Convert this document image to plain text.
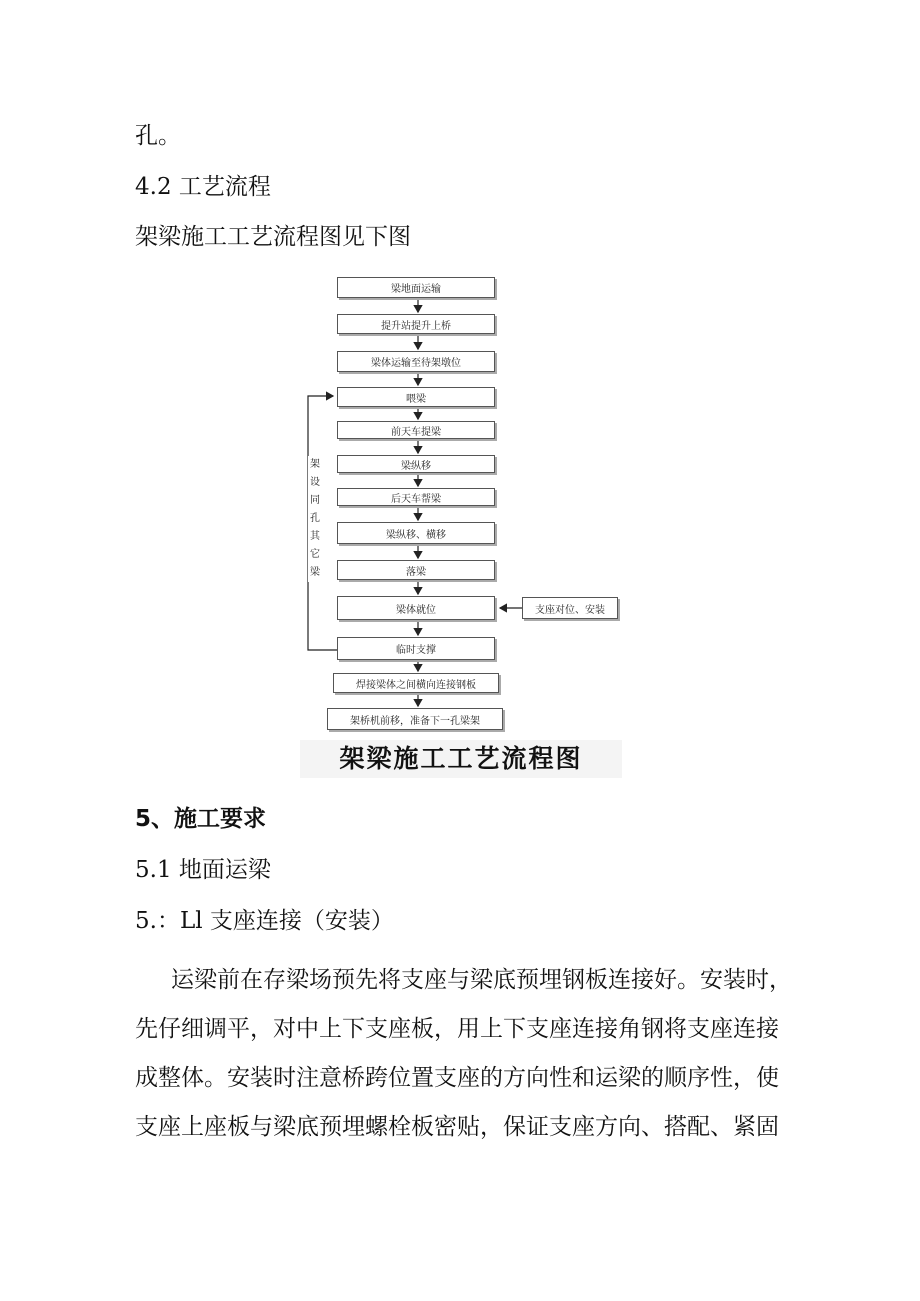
孔。
4.2 工艺流程
架梁施工工艺流程图见下图
梁地面运输
提升站提升上桥
梁体运输至待架墩位
喂梁
前天车提梁
梁纵移
后天车帮梁
梁纵移、横移
落梁
梁体就位
临时支撑
焊接梁体之间横向连接钢板
架桥机前移，准备下一孔梁架
支座对位、安装
架
设
同
孔
其
它
梁
架梁施工工艺流程图
5、施工要求
5.1 地面运梁
5.：Ll 支座连接（安装）
运梁前在存梁场预先将支座与梁底预埋钢板连接好。安装时，
先仔细调平，对中上下支座板，用上下支座连接角钢将支座连接
成整体。安装时注意桥跨位置支座的方向性和运梁的顺序性，使
支座上座板与梁底预埋螺栓板密贴，保证支座方向、搭配、紧固
